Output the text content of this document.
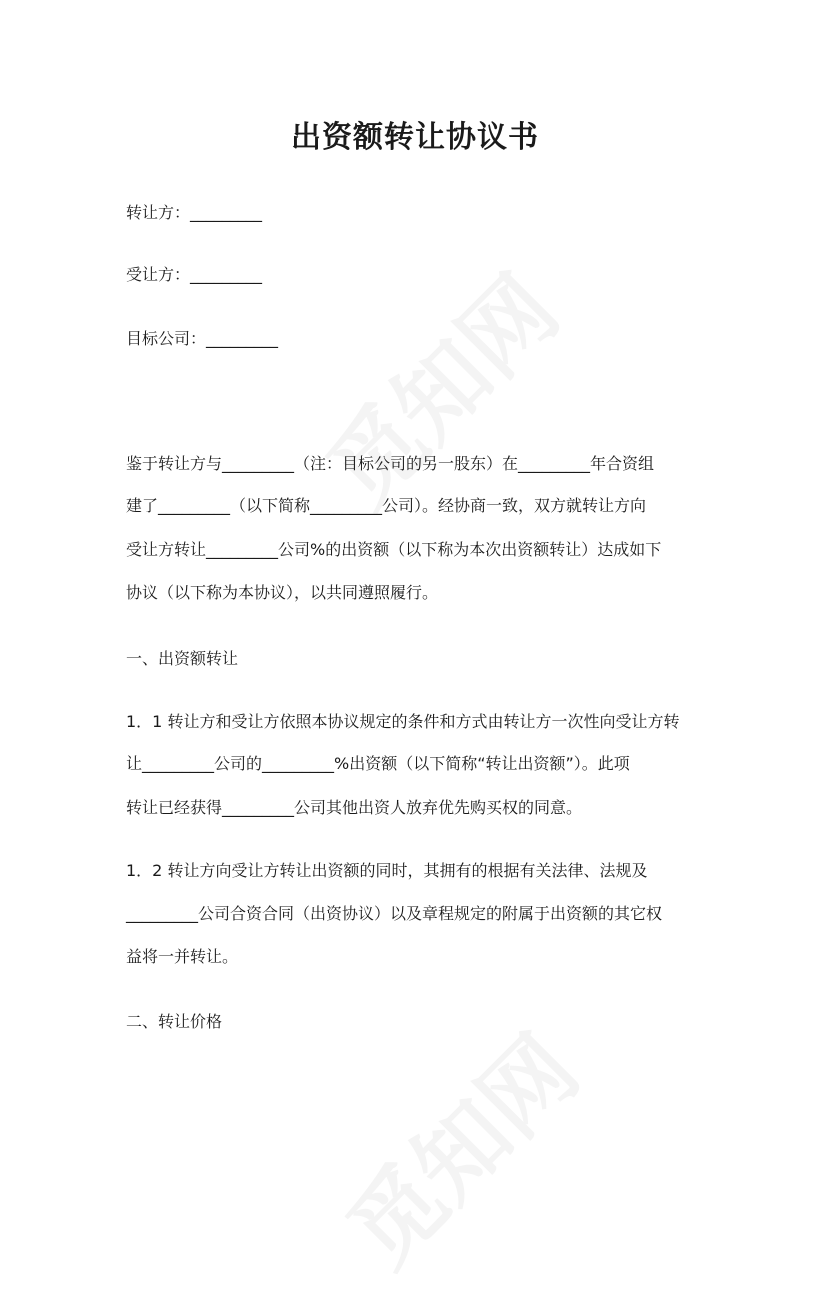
出资额转让协议书

转让方：_________

受让方：_________

目标公司：_________

鉴于转让方与_________（注：目标公司的另一股东）在_________年合资组

建了_________（以下简称_________公司）。经协商一致，双方就转让方向

受让方转让_________公司%的出资额（以下称为本次出资额转让）达成如下

协议（以下称为本协议），以共同遵照履行。

一、出资额转让

1．1 转让方和受让方依照本协议规定的条件和方式由转让方一次性向受让方转

让_________公司的_________%出资额（以下简称“转让出资额”）。此项

转让已经获得_________公司其他出资人放弃优先购买权的同意。

1．2 转让方向受让方转让出资额的同时，其拥有的根据有关法律、法规及

_________公司合资合同（出资协议）以及章程规定的附属于出资额的其它权

益将一并转让。

二、转让价格
